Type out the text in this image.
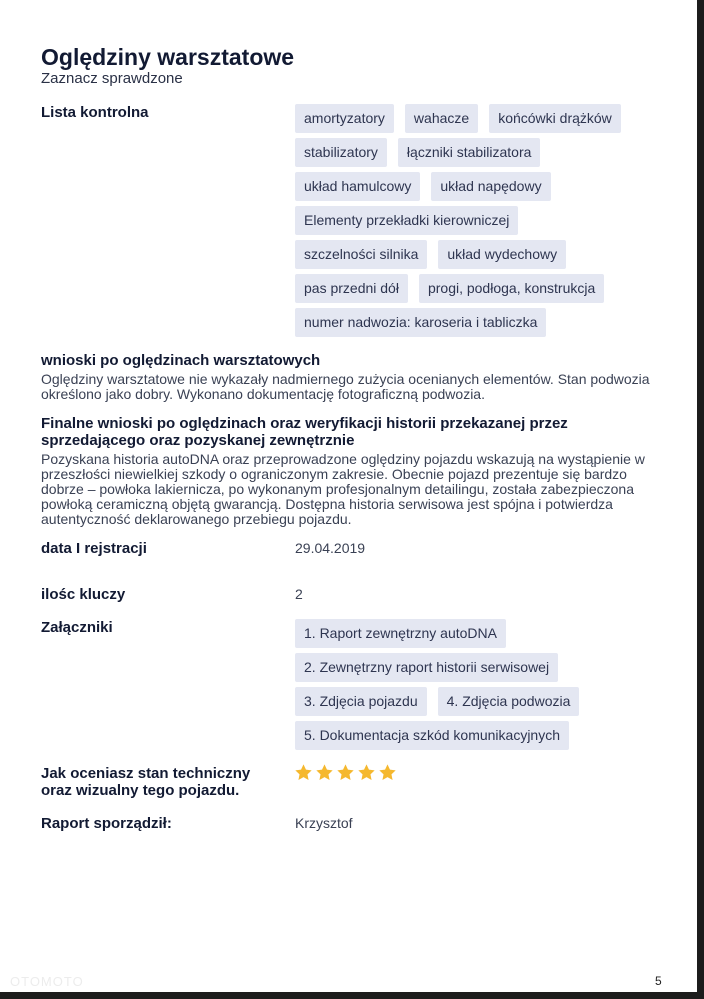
Oględziny warsztatowe
Zaznacz sprawdzone
Lista kontrolna	amortyzatory	wahacze	końcówki drążków
stabilizatory	łączniki stabilizatora
układ hamulcowy	układ napędowy
Elementy przekładki kierowniczej
szczelności silnika	układ wydechowy
pas przedni dół	progi, podłoga, konstrukcja
numer nadwozia: karoseria i tabliczka
wnioski po oględzinach warsztatowych
Oględziny warsztatowe nie wykazały nadmiernego zużycia ocenianych elementów. Stan podwozia określono jako dobry. Wykonano dokumentację fotograficzną podwozia.
Finalne wnioski po oględzinach oraz weryfikacji historii przekazanej przez sprzedającego oraz pozyskanej zewnętrznie
Pozyskana historia autoDNA oraz przeprowadzone oględziny pojazdu wskazują na wystąpienie w przeszłości niewielkiej szkody o ograniczonym zakresie. Obecnie pojazd prezentuje się bardzo dobrze – powłoka lakiernicza, po wykonanym profesjonalnym detailingu, została zabezpieczona powłoką ceramiczną objętą gwarancją. Dostępna historia serwisowa jest spójna i potwierdza autentyczność deklarowanego przebiegu pojazdu.
data I rejstracji	29.04.2019
ilośc kluczy	2
Załączniki	1. Raport zewnętrzny autoDNA
2. Zewnętrzny raport historii serwisowej
3. Zdjęcia pojazdu	4. Zdjęcia podwozia
5. Dokumentacja szkód komunikacyjnych
Jak oceniasz stan techniczny oraz wizualny tego pojazdu.
Raport sporządził:	Krzysztof
OTOMOTO	5
